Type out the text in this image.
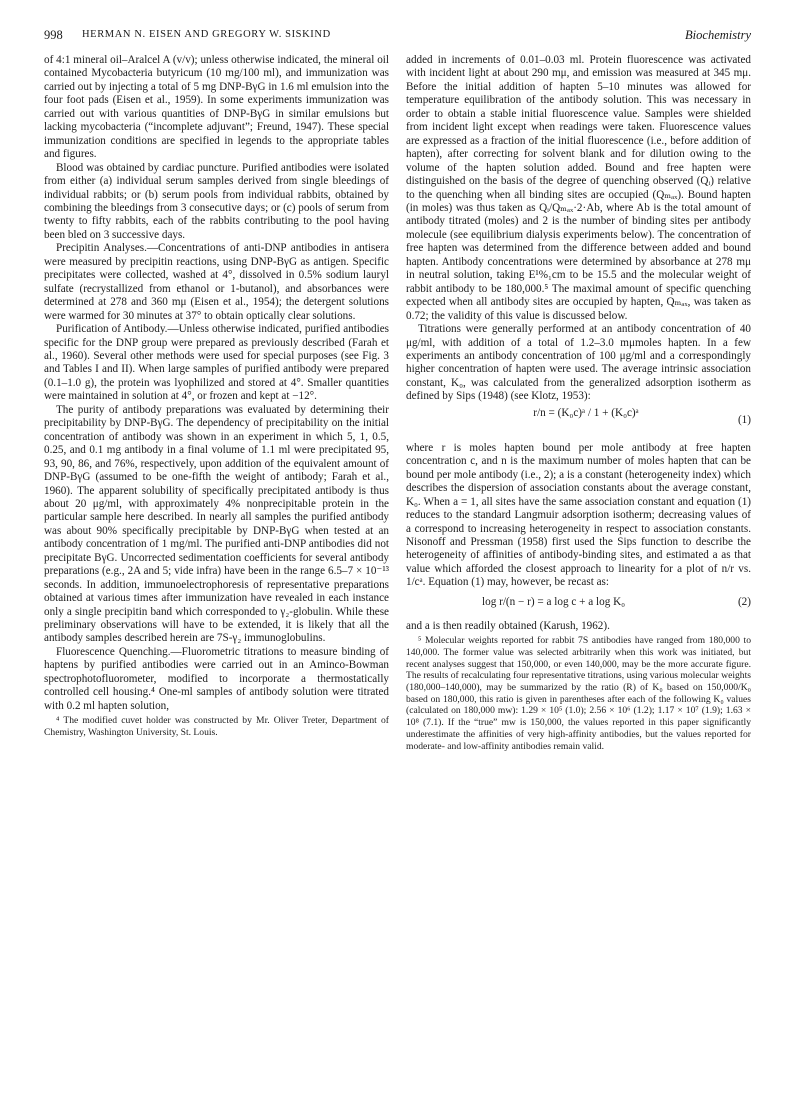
998 HERMAN N. EISEN AND GREGORY W. SISKIND	Biochemistry

of 4:1 mineral oil–Aralcel A (v/v); unless otherwise indicated, the mineral oil contained Mycobacteria butyricum (10 mg/100 ml), and immunization was carried out by injecting a total of 5 mg DNP-BγG in 1.6 ml emulsion into the four foot pads (Eisen et al., 1959). In some experiments immunization was carried out with various quantities of DNP-BγG in similar emulsions but lacking mycobacteria (“incomplete adjuvant”; Freund, 1947). These special immunization conditions are specified in legends to the appropriate tables and figures.

Blood was obtained by cardiac puncture. Purified antibodies were isolated from either (a) individual serum samples derived from single bleedings of individual rabbits; or (b) serum pools from individual rabbits, obtained by combining the bleedings from 3 consecutive days; or (c) pools of serum from twenty to fifty rabbits, each of the rabbits contributing to the pool having been bled on 3 successive days.

Precipitin Analyses.—Concentrations of anti-DNP antibodies in antisera were measured by precipitin reactions, using DNP-BγG as antigen. Specific precipitates were collected, washed at 4°, dissolved in 0.5% sodium lauryl sulfate (recrystallized from ethanol or 1-butanol), and absorbances were determined at 278 and 360 mμ (Eisen et al., 1954); the detergent solutions were warmed for 30 minutes at 37° to obtain optically clear solutions.

Purification of Antibody.—Unless otherwise indicated, purified antibodies specific for the DNP group were prepared as previously described (Farah et al., 1960). Several other methods were used for special purposes (see Fig. 3 and Tables I and II). When large samples of purified antibody were prepared (0.1–1.0 g), the protein was lyophilized and stored at 4°. Smaller quantities were maintained in solution at 4°, or frozen and kept at −12°.

The purity of antibody preparations was evaluated by determining their precipitability by DNP-BγG. The dependency of precipitability on the initial concentration of antibody was shown in an experiment in which 5, 1, 0.5, 0.25, and 0.1 mg antibody in a final volume of 1.1 ml were precipitated 95, 93, 90, 86, and 76%, respectively, upon addition of the equivalent amount of DNP-BγG (assumed to be one-fifth the weight of antibody; Farah et al., 1960). The apparent solubility of specifically precipitated antibody is thus about 20 μg/ml, with approximately 4% nonprecipitable protein in the particular sample here described. In nearly all samples the purified antibody was about 90% specifically precipitable by DNP-BγG when tested at an antibody concentration of 1 mg/ml. The purified anti-DNP antibodies did not precipitate BγG. Uncorrected sedimentation coefficients for several antibody preparations (e.g., 2A and 5; vide infra) have been in the range 6.5–7 × 10⁻¹³ seconds. In addition, immunoelectrophoresis of representative preparations obtained at various times after immunization have revealed in each instance only a single precipitin band which corresponded to γ₂-globulin. While these preliminary observations will have to be extended, it is likely that all the antibody samples described herein are 7S-γ₂ immunoglobulins.

Fluorescence Quenching.—Fluorometric titrations to measure binding of haptens by purified antibodies were carried out in an Aminco-Bowman spectrophotofluorometer, modified to incorporate a thermostatically controlled cell housing.⁴ One-ml samples of antibody solution were titrated with 0.2 ml hapten solution,

⁴ The modified cuvet holder was constructed by Mr. Oliver Treter, Department of Chemistry, Washington University, St. Louis.

added in increments of 0.01–0.03 ml. Protein fluorescence was activated with incident light at about 290 mμ, and emission was measured at 345 mμ. Before the initial addition of hapten 5–10 minutes was allowed for temperature equilibration of the antibody solution. This was necessary in order to obtain a stable initial fluorescence value. Samples were shielded from incident light except when readings were taken. Fluorescence values are expressed as a fraction of the initial fluorescence (i.e., before addition of hapten), after correcting for solvent blank and for dilution owing to the volume of the hapten solution added. Bound and free hapten were distinguished on the basis of the degree of quenching observed (Qᵢ) relative to the quenching when all binding sites are occupied (Qₘₐₓ). Bound hapten (in moles) was thus taken as Qᵢ/Qₘₐₓ·2·Ab, where Ab is the total amount of antibody titrated (moles) and 2 is the number of binding sites per antibody molecule (see equilibrium dialysis experiments below). The concentration of free hapten was determined from the difference between added and bound hapten. Antibody concentrations were determined by absorbance at 278 mμ in neutral solution, taking E¹%₁cm to be 15.5 and the molecular weight of rabbit antibody to be 180,000.⁵ The maximal amount of specific quenching expected when all antibody sites are occupied by hapten, Qₘₐₓ, was taken as 0.72; the validity of this value is discussed below.

Titrations were generally performed at an antibody concentration of 40 μg/ml, with addition of a total of 1.2–3.0 mμmoles hapten. In a few experiments an antibody concentration of 100 μg/ml and a correspondingly higher concentration of hapten were used. The average intrinsic association constant, K₀, was calculated from the generalized adsorption isotherm as defined by Sips (1948) (see Klotz, 1953):

r/n = (K₀c)ᵃ / 1 + (K₀c)ᵃ
(1)

where r is moles hapten bound per mole antibody at free hapten concentration c, and n is the maximum number of moles hapten that can be bound per mole antibody (i.e., 2); a is a constant (heterogeneity index) which describes the dispersion of association constants about the average constant, K₀. When a = 1, all sites have the same association constant and equation (1) reduces to the standard Langmuir adsorption isotherm; decreasing values of a correspond to increasing heterogeneity in respect to association constants. Nisonoff and Pressman (1958) first used the Sips function to describe the heterogeneity of affinities of antibody-binding sites, and estimated a as that value which afforded the closest approach to linearity for a plot of n/r vs. 1/cᵃ. Equation (1) may, however, be recast as:

log r/(n − r) = a log c + a log K₀	(2)

and a is then readily obtained (Karush, 1962).

⁵ Molecular weights reported for rabbit 7S antibodies have ranged from 180,000 to 140,000. The former value was selected arbitrarily when this work was initiated, but recent analyses suggest that 150,000, or even 140,000, may be the more accurate figure. The results of recalculating four representative titrations, using various molecular weights (180,000–140,000), may be summarized by the ratio (R) of K₀ based on 150,000/K₀ based on 180,000, this ratio is given in parentheses after each of the following K₀ values (calculated on 180,000 mw): 1.29 × 10⁵ (1.0); 2.56 × 10⁶ (1.2); 1.17 × 10⁷ (1.9); 1.63 × 10⁸ (7.1). If the “true” mw is 150,000, the values reported in this paper significantly underestimate the affinities of very high-affinity antibodies, but the values reported for moderate- and low-affinity antibodies remain valid.
